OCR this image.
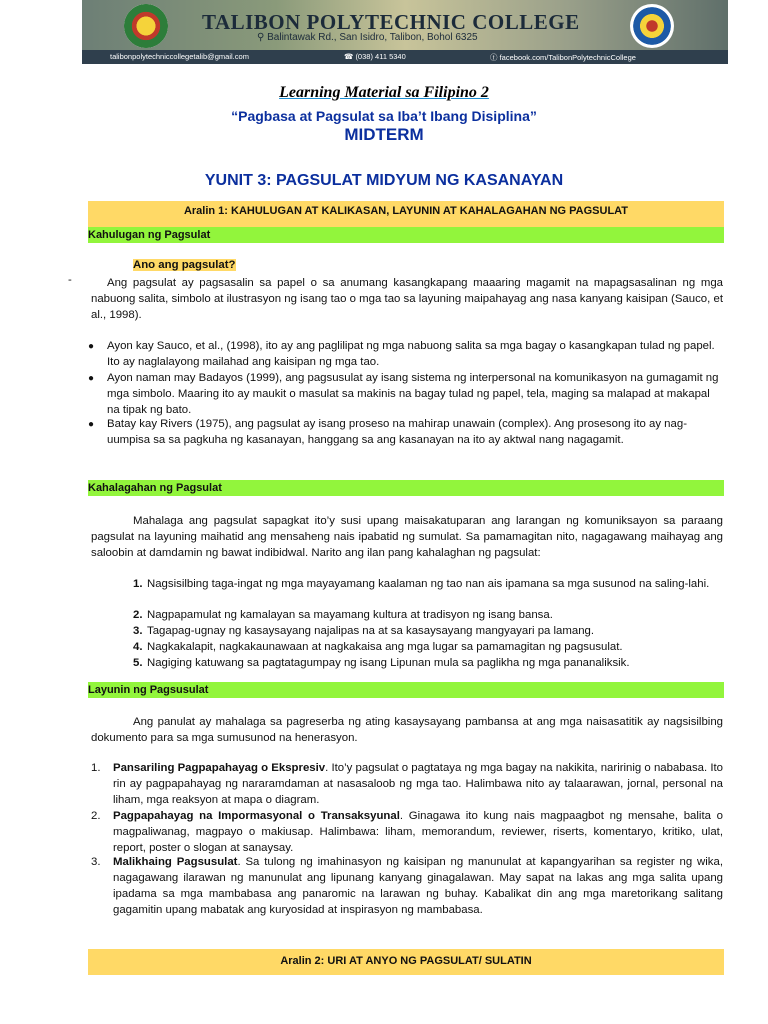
TALIBON POLYTECHNIC COLLEGE
⚲ Balintawak Rd., San Isidro, Talibon, Bohol 6325
talibonpolytechniccollegetalib@gmail.com	☎ (038) 411 5340	ⓕ facebook.com/TalibonPolytechnicCollege
Learning Material sa Filipino 2
“Pagbasa at Pagsulat sa Iba’t Ibang Disiplina”
MIDTERM
YUNIT 3: PAGSULAT MIDYUM NG KASANAYAN
Aralin 1: KAHULUGAN AT KALIKASAN, LAYUNIN AT KAHALAGAHAN NG PAGSULAT
Kahulugan ng Pagsulat
Ano ang pagsulat?
-	Ang pagsulat ay pagsasalin sa papel o sa anumang kasangkapang maaaring magamit na mapagsasalinan ng mga nabuong salita, simbolo at ilustrasyon ng isang tao o mga tao sa layuning maipahayag ang nasa kanyang kaisipan (Sauco, et al., 1998).
● Ayon kay Sauco, et al., (1998), ito ay ang paglilipat ng mga nabuong salita sa mga bagay o kasangkapan tulad ng papel. Ito ay naglalayong mailahad ang kaisipan ng mga tao.
● Ayon naman may Badayos (1999), ang pagsusulat ay isang sistema ng interpersonal na komunikasyon na gumagamit ng mga simbolo. Maaring ito ay maukit o masulat sa makinis na bagay tulad ng papel, tela, maging sa malapad at makapal na tipak ng bato.
● Batay kay Rivers (1975), ang pagsulat ay isang proseso na mahirap unawain (complex). Ang prosesong ito ay nag-uumpisa sa sa pagkuha ng kasanayan, hanggang sa ang kasanayan na ito ay aktwal nang nagagamit.
Kahalagahan ng Pagsulat
Mahalaga ang pagsulat sapagkat ito’y susi upang maisakatuparan ang larangan ng komuniksayon sa paraang pagsulat na layuning maihatid ang mensaheng nais ipabatid ng sumulat. Sa pamamagitan nito, nagagawang maihayag ang saloobin at damdamin ng bawat indibidwal. Narito ang ilan pang kahalaghan ng pagsulat:
1. Nagsisilbing taga-ingat ng mga mayayamang kaalaman ng tao nan ais ipamana sa mga susunod na saling-lahi.
2. Nagpapamulat ng kamalayan sa mayamang kultura at tradisyon ng isang bansa.
3. Tagapag-ugnay ng kasaysayang najalipas na at sa kasaysayang mangyayari pa lamang.
4. Nagkakalapit, nagkakaunawaan at nagkakaisa ang mga lugar sa pamamagitan ng pagsusulat.
5. Nagiging katuwang sa pagtatagumpay ng isang Lipunan mula sa paglikha ng mga pananaliksik.
Layunin ng Pagsusulat
Ang panulat ay mahalaga sa pagreserba ng ating kasaysayang pambansa at ang mga naisasatitik ay nagsisilbing dokumento para sa mga sumusunod na henerasyon.
1. Pansariling Pagpapahayag o Ekspresiv. Ito’y pagsulat o pagtataya ng mga bagay na nakikita, naririnig o nababasa. Ito rin ay pagpapahayag ng nararamdaman at nasasaloob ng mga tao. Halimbawa nito ay talaarawan, jornal, personal na liham, mga reaksyon at mapa o diagram.
2. Pagpapahayag na Impormasyonal o Transaksyunal. Ginagawa ito kung nais magpaagbot ng mensahe, balita o magpaliwanag, magpayo o makiusap. Halimbawa: liham, memorandum, reviewer, riserts, komentaryo, kritiko, ulat, report, poster o slogan at sanaysay.
3. Malikhaing Pagsusulat. Sa tulong ng imahinasyon ng kaisipan ng manunulat at kapangyarihan sa register ng wika, nagagawang ilarawan ng manunulat ang lipunang kanyang ginagalawan. May sapat na lakas ang mga salita upang ipadama sa mga mambabasa ang panaromic na larawan ng buhay. Kabalikat din ang mga maretorikang salitang gagamitin upang mabatak ang kuryosidad at inspirasyon ng mambabasa.
Aralin 2: URI AT ANYO NG PAGSULAT/ SULATIN
